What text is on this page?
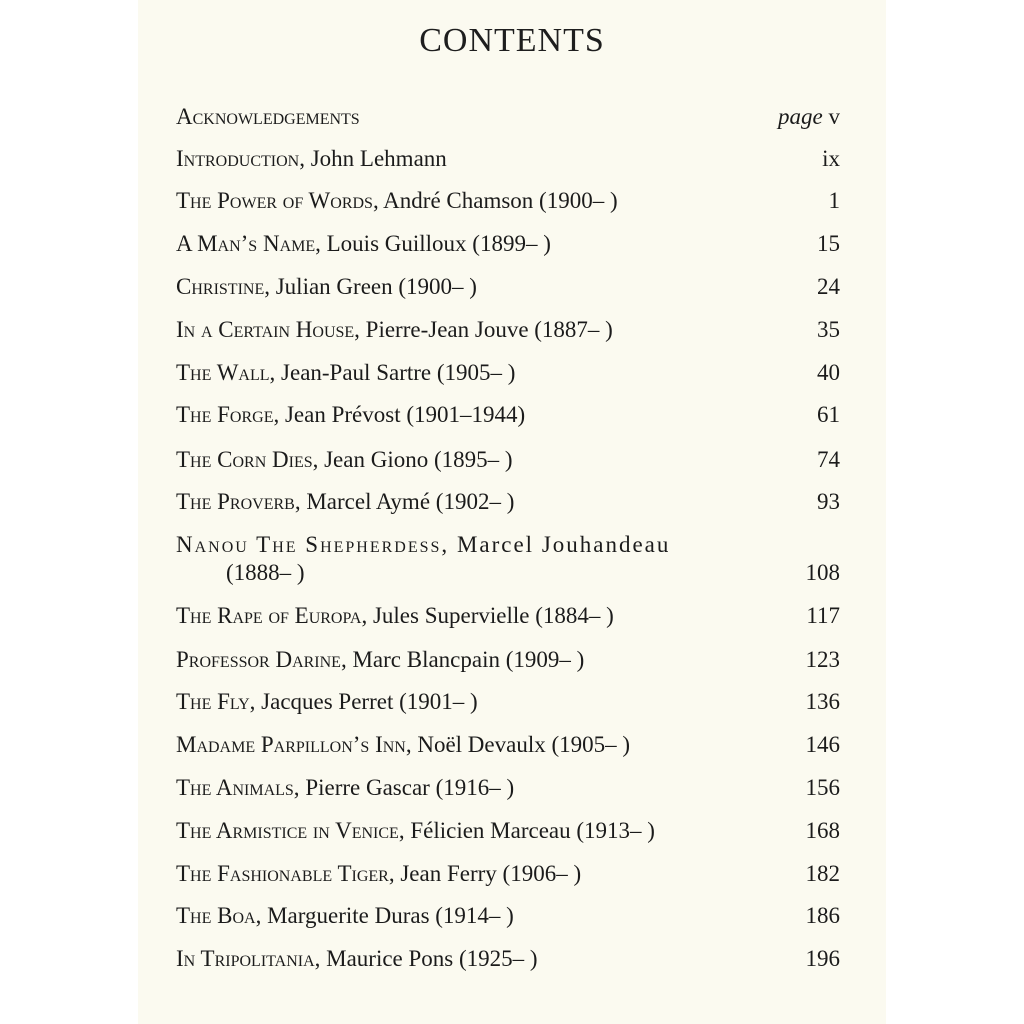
CONTENTS
Acknowledgements	page v
Introduction, John Lehmann	ix
The Power of Words, André Chamson (1900– )	1
A Man’s Name, Louis Guilloux (1899– )	15
Christine, Julian Green (1900– )	24
In a Certain House, Pierre-Jean Jouve (1887– )	35
The Wall, Jean-Paul Sartre (1905– )	40
The Forge, Jean Prévost (1901–1944)	61
The Corn Dies, Jean Giono (1895– )	74
The Proverb, Marcel Aymé (1902– )	93
Nanou The Shepherdess, Marcel Jouhandeau
(1888– )	108
The Rape of Europa, Jules Supervielle (1884– )	117
Professor Darine, Marc Blancpain (1909– )	123
The Fly, Jacques Perret (1901– )	136
Madame Parpillon’s Inn, Noël Devaulx (1905– )	146
The Animals, Pierre Gascar (1916– )	156
The Armistice in Venice, Félicien Marceau (1913– )	168
The Fashionable Tiger, Jean Ferry (1906– )	182
The Boa, Marguerite Duras (1914– )	186
In Tripolitania, Maurice Pons (1925– )	196
